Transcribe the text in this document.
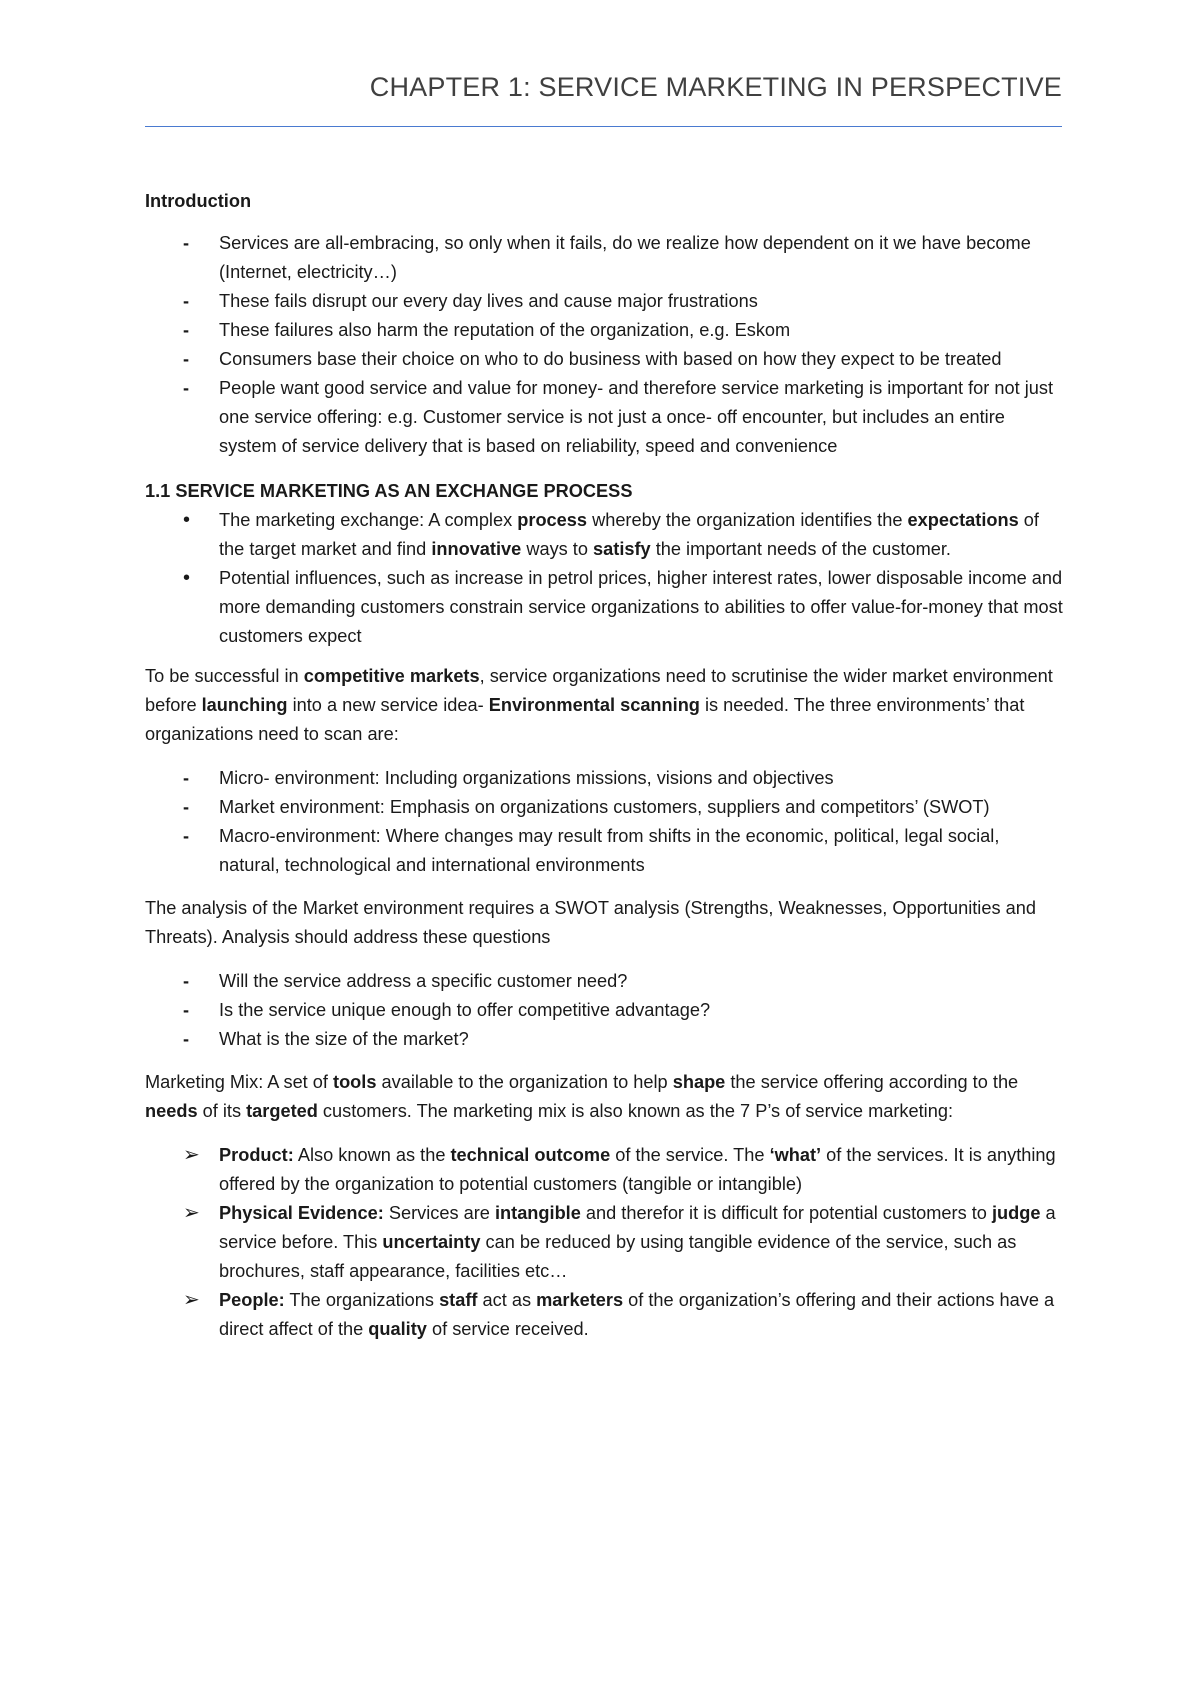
CHAPTER 1: SERVICE MARKETING IN PERSPECTIVE
Introduction
-
Services are all-embracing, so only when it fails, do we realize how dependent on it we have become (Internet, electricity…)
-
These fails disrupt our every day lives and cause major frustrations
-
These failures also harm the reputation of the organization, e.g. Eskom
-
Consumers base their choice on who to do business with based on how they expect to be treated
-
People want good service and value for money- and therefore service marketing is important for not just one service offering: e.g. Customer service is not just a once- off encounter, but includes an entire system of service delivery that is based on reliability, speed and convenience
1.1 SERVICE MARKETING AS AN EXCHANGE PROCESS
•
The marketing exchange: A complex process whereby the organization identifies the expectations of the target market and find innovative ways to satisfy the important needs of the customer.
•
Potential influences, such as increase in petrol prices, higher interest rates, lower disposable income and more demanding customers constrain service organizations to abilities to offer value-for-money that most customers expect

To be successful in competitive markets, service organizations need to scrutinise the wider market environment before launching into a new service idea- Environmental scanning is needed. The three environments’ that organizations need to scan are:

-
Micro- environment: Including organizations missions, visions and objectives
-
Market environment: Emphasis on organizations customers, suppliers and competitors’ (SWOT)
-
Macro-environment: Where changes may result from shifts in the economic, political, legal social, natural, technological and international environments

The analysis of the Market environment requires a SWOT analysis (Strengths, Weaknesses, Opportunities and Threats). Analysis should address these questions

-
Will the service address a specific customer need?
-
Is the service unique enough to offer competitive advantage?
-
What is the size of the market?

Marketing Mix: A set of tools available to the organization to help shape the service offering according to the needs of its targeted customers. The marketing mix is also known as the 7 P’s of service marketing:

➢
Product: Also known as the technical outcome of the service. The ‘what’ of the services. It is anything offered by the organization to potential customers (tangible or intangible)
➢
Physical Evidence: Services are intangible and therefor it is difficult for potential customers to judge a service before. This uncertainty can be reduced by using tangible evidence of the service, such as brochures, staff appearance, facilities etc…
➢
People: The organizations staff act as marketers of the organization’s offering and their actions have a direct affect of the quality of service received.
